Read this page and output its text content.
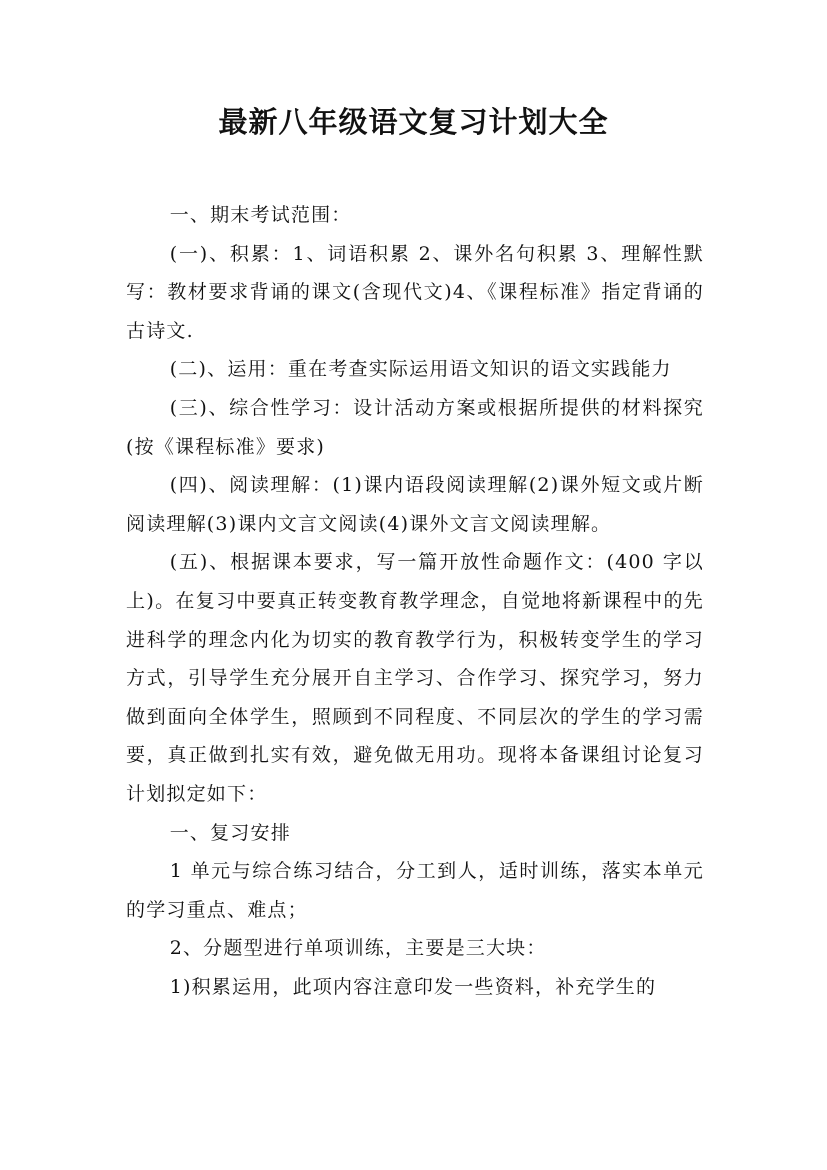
最新八年级语文复习计划大全

一、期末考试范围：

(一)、积累：1、词语积累 2、课外名句积累 3、理解性默写：教材要求背诵的课文(含现代文)4、《课程标准》指定背诵的古诗文.

(二)、运用：重在考查实际运用语文知识的语文实践能力

(三)、综合性学习：设计活动方案或根据所提供的材料探究(按《课程标准》要求)

(四)、阅读理解：(1)课内语段阅读理解(2)课外短文或片断阅读理解(3)课内文言文阅读(4)课外文言文阅读理解。

(五)、根据课本要求，写一篇开放性命题作文：(400 字以上)。在复习中要真正转变教育教学理念，自觉地将新课程中的先进科学的理念内化为切实的教育教学行为，积极转变学生的学习方式，引导学生充分展开自主学习、合作学习、探究学习，努力做到面向全体学生，照顾到不同程度、不同层次的学生的学习需要，真正做到扎实有效，避免做无用功。现将本备课组讨论复习计划拟定如下：

一、复习安排

1 单元与综合练习结合，分工到人，适时训练，落实本单元的学习重点、难点；

2、分题型进行单项训练，主要是三大块：

1)积累运用，此项内容注意印发一些资料，补充学生的
